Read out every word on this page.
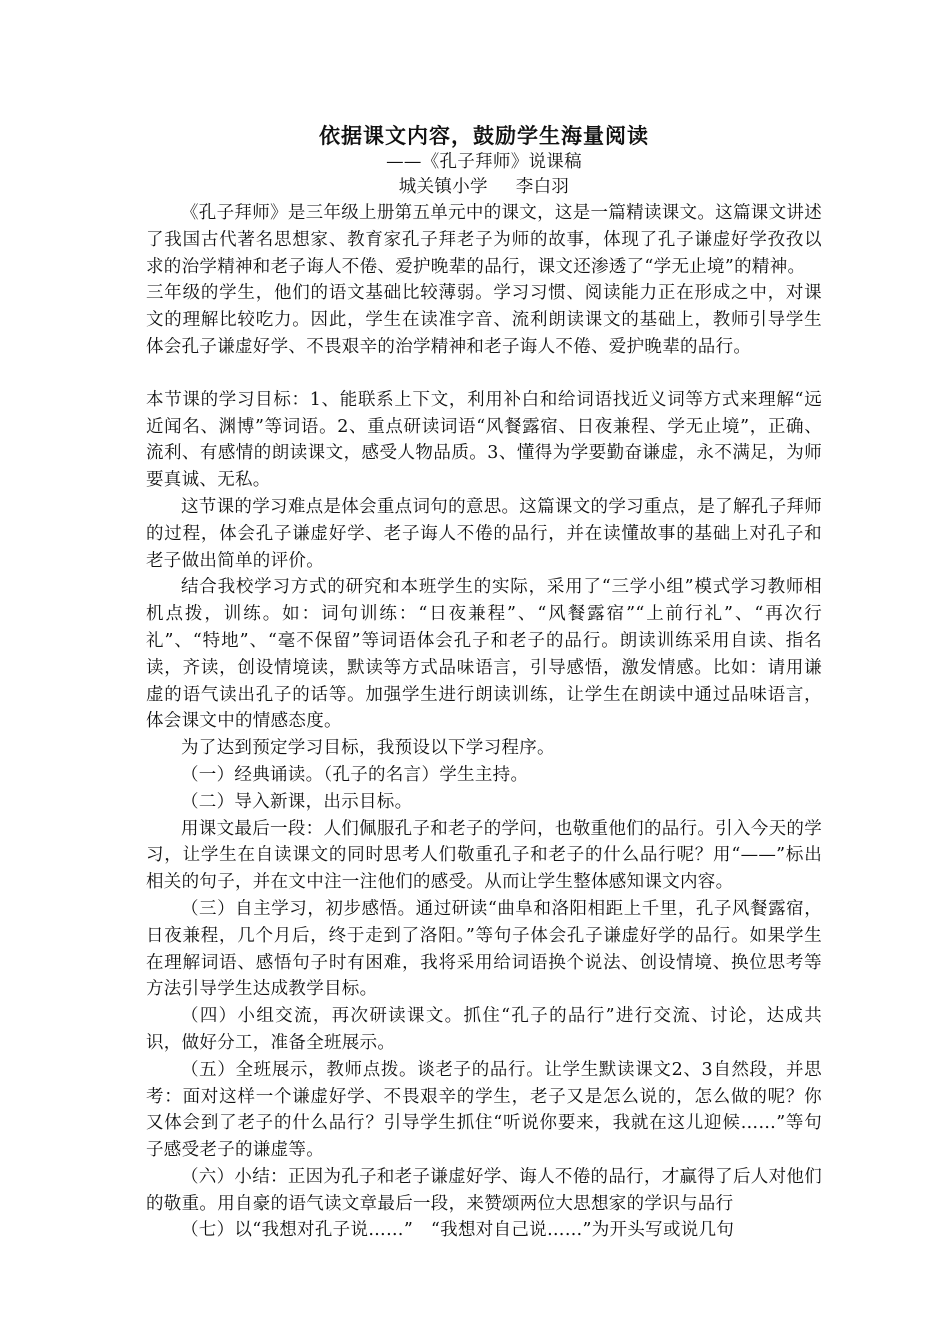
依据课文内容，鼓励学生海量阅读
——《孔子拜师》说课稿
城关镇小学 李白羽

《孔子拜师》是三年级上册第五单元中的课文，这是一篇精读课文。这篇课文讲述了我国古代著名思想家、教育家孔子拜老子为师的故事，体现了孔子谦虚好学孜孜以求的治学精神和老子诲人不倦、爱护晚辈的品行，课文还渗透了“学无止境”的精神。

三年级的学生，他们的语文基础比较薄弱。学习习惯、阅读能力正在形成之中，对课文的理解比较吃力。因此，学生在读准字音、流利朗读课文的基础上，教师引导学生体会孔子谦虚好学、不畏艰辛的治学精神和老子诲人不倦、爱护晚辈的品行。

本节课的学习目标：1、能联系上下文，利用补白和给词语找近义词等方式来理解“远近闻名、渊博”等词语。2、重点研读词语“风餐露宿、日夜兼程、学无止境”，正确、流利、有感情的朗读课文，感受人物品质。3、懂得为学要勤奋谦虚，永不满足，为师要真诚、无私。

这节课的学习难点是体会重点词句的意思。这篇课文的学习重点，是了解孔子拜师的过程，体会孔子谦虚好学、老子诲人不倦的品行，并在读懂故事的基础上对孔子和老子做出简单的评价。

结合我校学习方式的研究和本班学生的实际，采用了“三学小组”模式学习教师相机点拨，训练。如：词句训练：“日夜兼程”、“风餐露宿”“上前行礼”、“再次行礼”、“特地”、“毫不保留”等词语体会孔子和老子的品行。朗读训练采用自读、指名读，齐读，创设情境读，默读等方式品味语言，引导感悟，激发情感。比如：请用谦虚的语气读出孔子的话等。加强学生进行朗读训练，让学生在朗读中通过品味语言，体会课文中的情感态度。

为了达到预定学习目标，我预设以下学习程序。

（一）经典诵读。（孔子的名言）学生主持。

（二）导入新课，出示目标。

用课文最后一段：人们佩服孔子和老子的学问，也敬重他们的品行。引入今天的学习，让学生在自读课文的同时思考人们敬重孔子和老子的什么品行呢？用“——”标出相关的句子，并在文中注一注他们的感受。从而让学生整体感知课文内容。

（三）自主学习，初步感悟。通过研读“曲阜和洛阳相距上千里，孔子风餐露宿，日夜兼程，几个月后，终于走到了洛阳。”等句子体会孔子谦虚好学的品行。如果学生在理解词语、感悟句子时有困难，我将采用给词语换个说法、创设情境、换位思考等方法引导学生达成教学目标。

（四）小组交流，再次研读课文。抓住“孔子的品行”进行交流、讨论，达成共识，做好分工，准备全班展示。

（五）全班展示，教师点拨。谈老子的品行。让学生默读课文2、3自然段，并思考：面对这样一个谦虚好学、不畏艰辛的学生，老子又是怎么说的，怎么做的呢？你又体会到了老子的什么品行？引导学生抓住“听说你要来，我就在这儿迎候……”等句子感受老子的谦虚等。

（六）小结：正因为孔子和老子谦虚好学、诲人不倦的品行，才赢得了后人对他们的敬重。用自豪的语气读文章最后一段，来赞颂两位大思想家的学识与品行

（七）以“我想对孔子说……”　“我想对自己说……”为开头写或说几句
